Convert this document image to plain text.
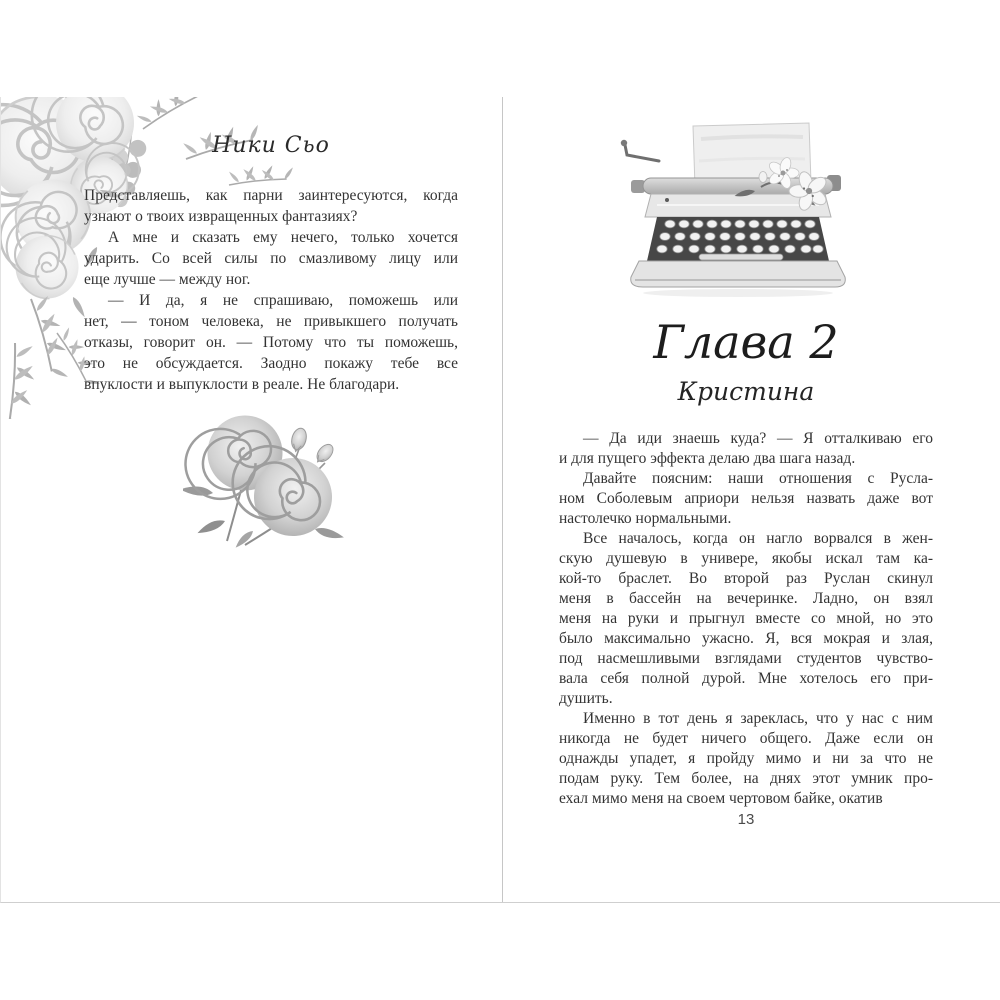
Ники Сьо

Представляешь, как парни заинтересуются, когда
узнают о твоих извращенных фантазиях?

А мне и сказать ему нечего, только хочется
ударить. Со всей силы по смазливому лицу или
еще лучше — между ног.

— И да, я не спрашиваю, поможешь или
нет, — тоном человека, не привыкшего получать
отказы, говорит он. — Потому что ты поможешь,
это не обсуждается. Заодно покажу тебе все
впуклости и выпуклости в реале. Не благодари.

Глава 2
Кристина

— Да иди знаешь куда? — Я отталкиваю его
и для пущего эффекта делаю два шага назад.

Давайте поясним: наши отношения с Русла-
ном Соболевым априори нельзя назвать даже вот
настолечко нормальными.

Все началось, когда он нагло ворвался в жен-
скую душевую в универе, якобы искал там ка-
кой-то браслет. Во второй раз Руслан скинул
меня в бассейн на вечеринке. Ладно, он взял
меня на руки и прыгнул вместе со мной, но это
было максимально ужасно. Я, вся мокрая и злая,
под насмешливыми взглядами студентов чувство-
вала себя полной дурой. Мне хотелось его при-
душить.

Именно в тот день я зареклась, что у нас с ним
никогда не будет ничего общего. Даже если он
однажды упадет, я пройду мимо и ни за что не
подам руку. Тем более, на днях этот умник про-
ехал мимо меня на своем чертовом байке, окатив

13
